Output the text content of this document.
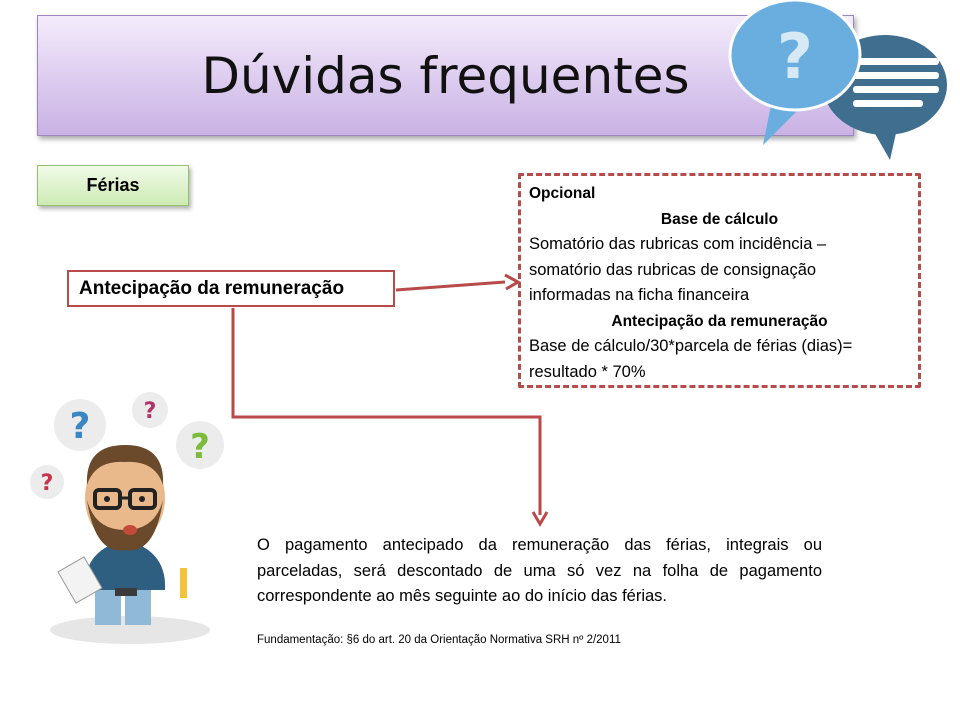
Dúvidas frequentes ?
Férias
Antecipação da remuneração
Opcional
Base de cálculo
Somatório das rubricas com incidência –
somatório das rubricas de consignação
informadas na ficha financeira
Antecipação da remuneração
Base de cálculo/30*parcela de férias (dias)=
resultado * 70%
? ?
?
?
O pagamento antecipado da remuneração das férias, integrais ou parceladas, será descontado de uma só vez na folha de pagamento correspondente ao mês seguinte ao do início das férias.
Fundamentação: §6 do art. 20 da Orientação Normativa SRH nº 2/2011
